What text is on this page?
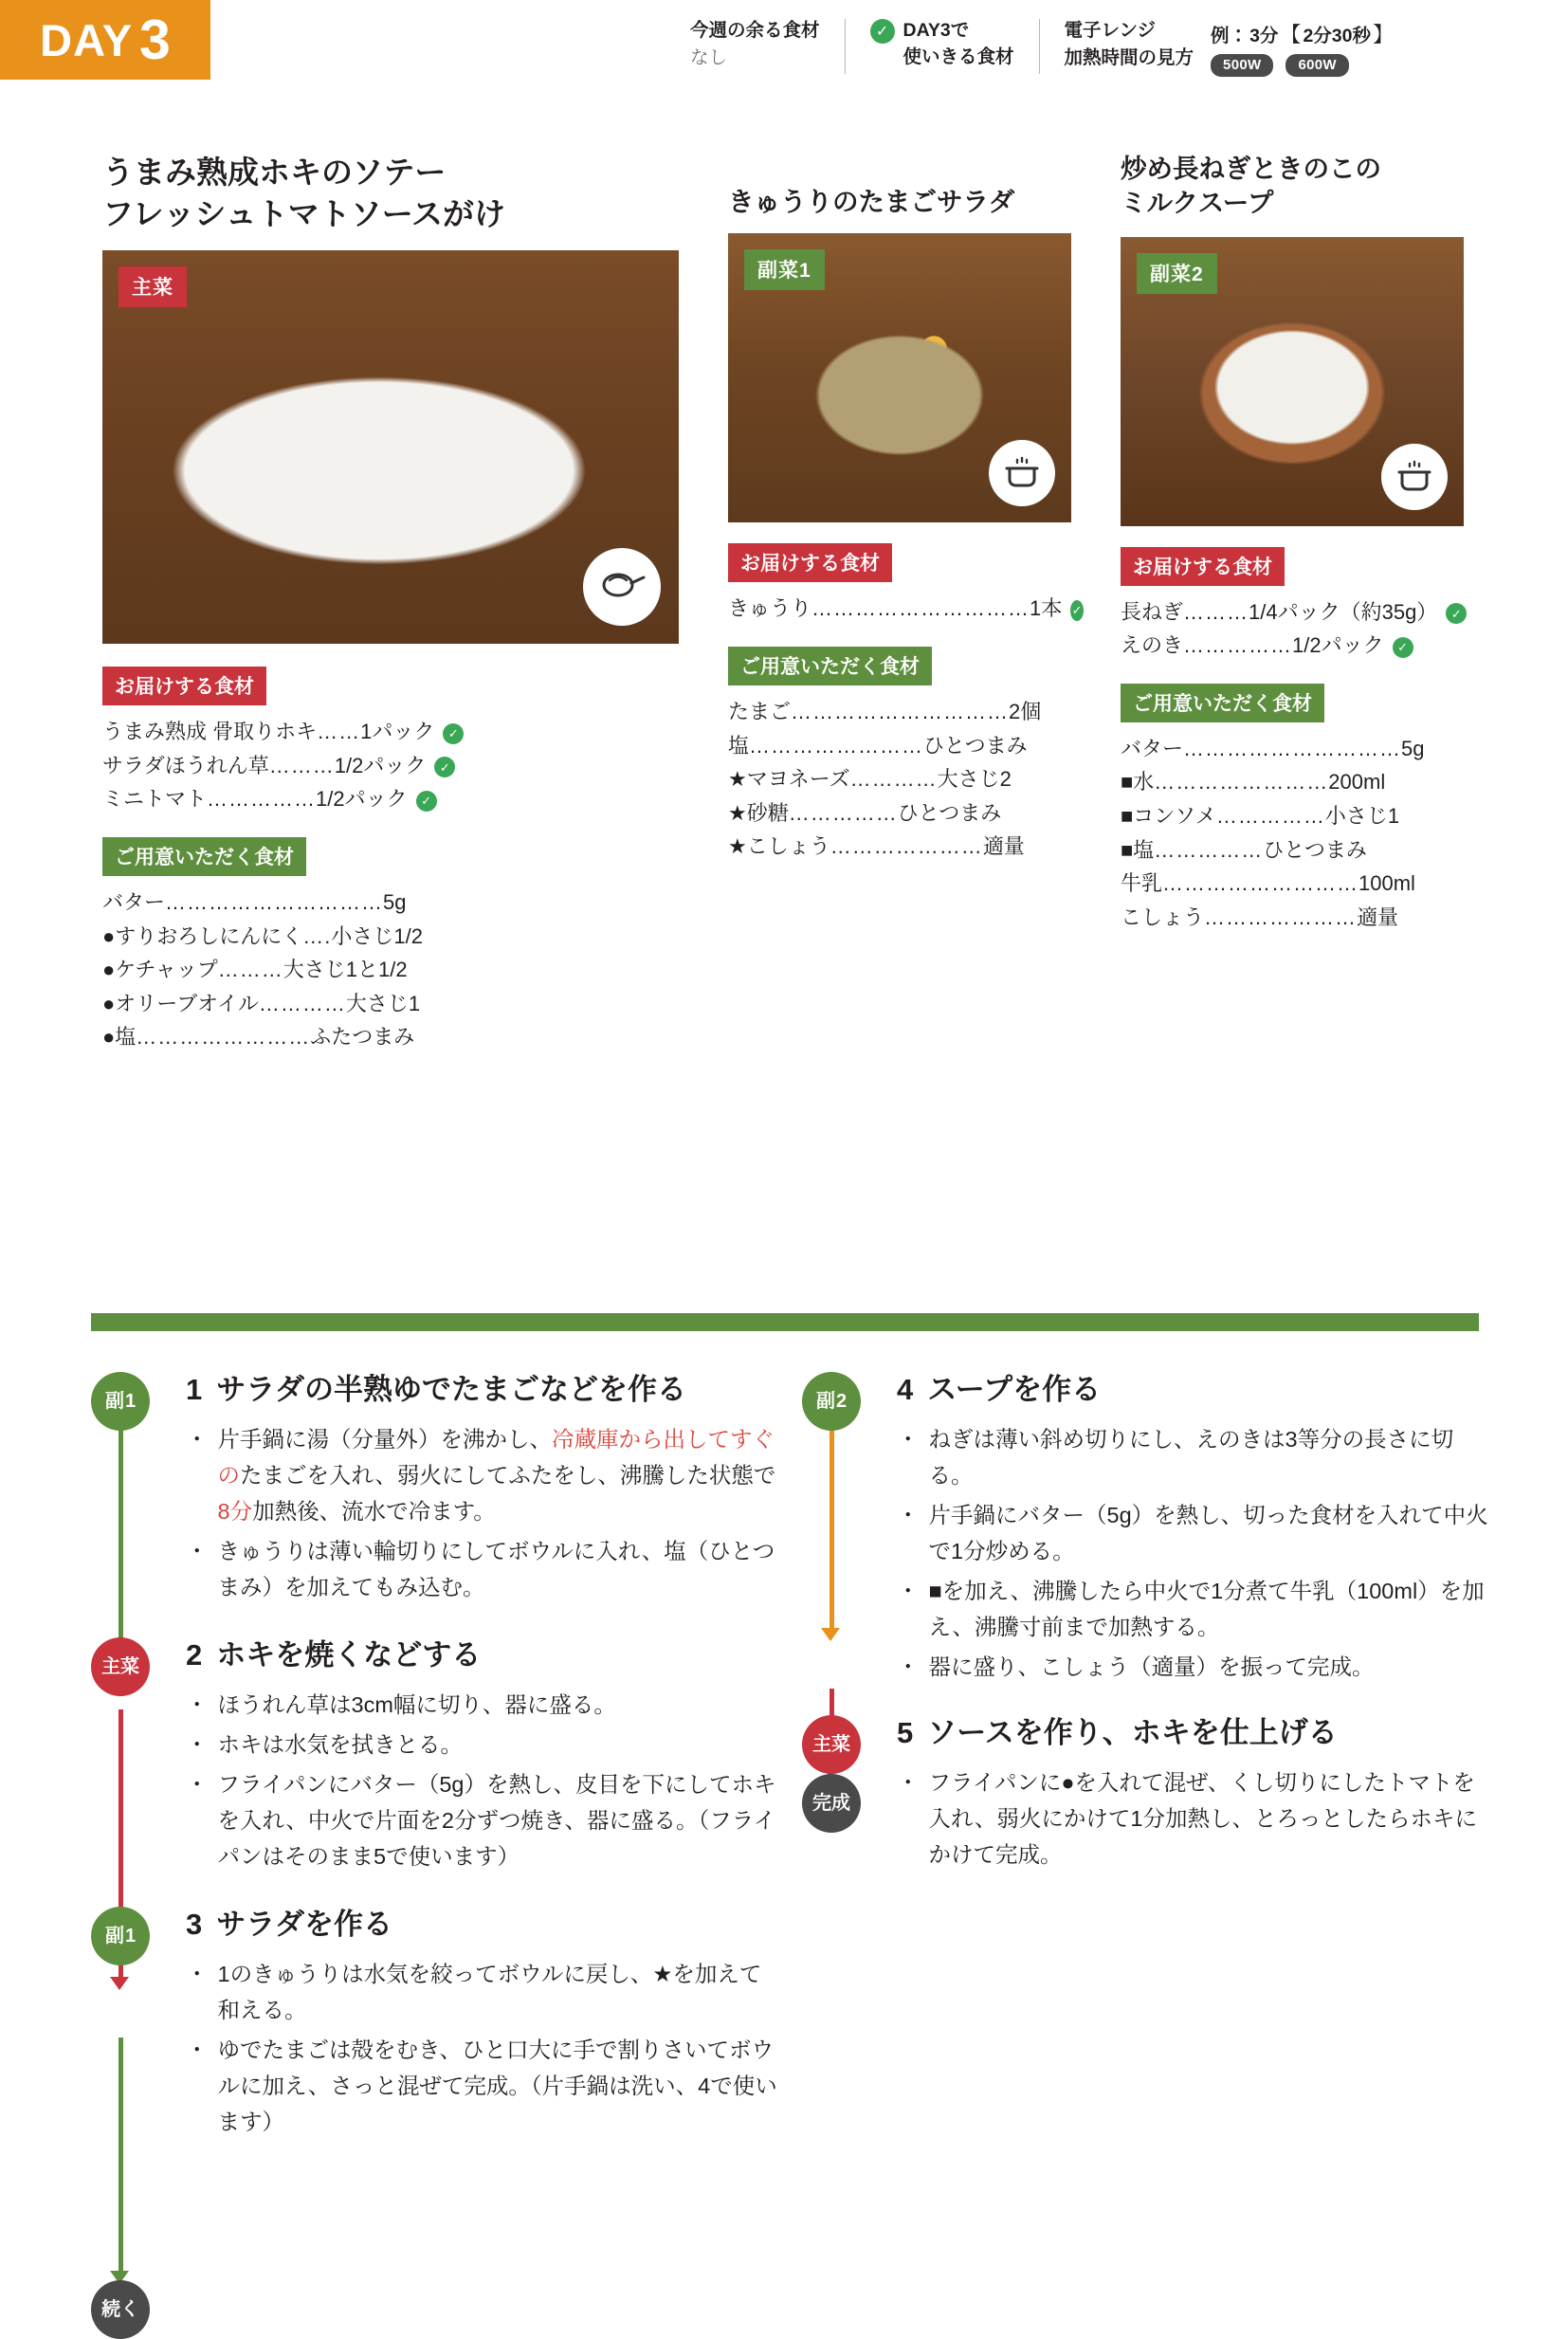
DAY 3	今週の余る食材
なし
✓ DAY3で
使いきる食材
電子レンジ
加熱時間の見方
例： 3分 【 2分30秒 】
500W	600W
うまみ熟成ホキのソテー
フレッシュトマトソースがけ
主菜
お届けする食材
うまみ熟成 骨取りホキ …… 1パック	✓
サラダほうれん草 ……… 1/2パック	✓
ミニトマト …………… 1/2パック	✓
ご用意いただく食材
バター ………………………… 5g
●すりおろしにんにく …. 小さじ1/2
●ケチャップ ……… 大さじ1と1/2
●オリーブオイル ………… 大さじ1
●塩 …………………… ふたつまみ
きゅうりのたまごサラダ
副菜1
お届けする食材
きゅうり ………………………… 1本 ✓
ご用意いただく食材
たまご ………………………… 2個
塩 …………………… ひとつまみ
★マヨネーズ ………… 大さじ2
★砂糖 …………… ひとつまみ
★こしょう ………………… 適量
炒め長ねぎときのこの
ミルクスープ
副菜2
お届けする食材
長ねぎ ……… 1/4パック（約35g）	✓
えのき …………… 1/2パック	✓
ご用意いただく食材
バター ………………………… 5g
■水 …………………… 200ml
■コンソメ …………… 小さじ1
■塩 …………… ひとつまみ
牛乳 ……………………… 100ml
こしょう ………………… 適量
副 1 1 サラダの半熟ゆでたまごなどを作る
・ 片手鍋に湯（分量外）を沸かし、冷蔵庫から出してすぐのたまごを入れ、弱火にしてふたをし、沸騰した状態で8分加熱後、流水で冷ます。
・ きゅうりは薄い輪切りにしてボウルに入れ、塩（ひとつまみ）を加えてもみ込む。
主菜 2 ホキを焼くなどする
・ ほうれん草は3cm幅に切り、器に盛る。
・ ホキは水気を拭きとる。
・ フライパンにバター（5g）を熱し、皮目を下にしてホキを入れ、中火で片面を2分ずつ焼き、器に盛る。（フライパンはそのまま5で使います）
副 1 3 サラダを作る
・ 1のきゅうりは水気を絞ってボウルに戻し、★を加えて和える。
・ ゆでたまごは殻をむき、ひと口大に手で割りさいてボウルに加え、さっと混ぜて完成。（片手鍋は洗い、4で使います）
続く
副 2 4 スープを作る
・ ねぎは薄い斜め切りにし、えのきは3等分の長さに切る。
・ 片手鍋にバター（5g）を熱し、切った食材を入れて中火で1分炒める。
・ ■を加え、沸騰したら中火で1分煮て牛乳（100ml）を加え、沸騰寸前まで加熱する。
・ 器に盛り、こしょう（適量）を振って完成。
主菜 5 ソースを作り、ホキを仕上げる
・ フライパンに●を入れて混ぜ、くし切りにしたトマトを入れ、弱火にかけて1分加熱し、とろっとしたらホキにかけて完成。
完成
